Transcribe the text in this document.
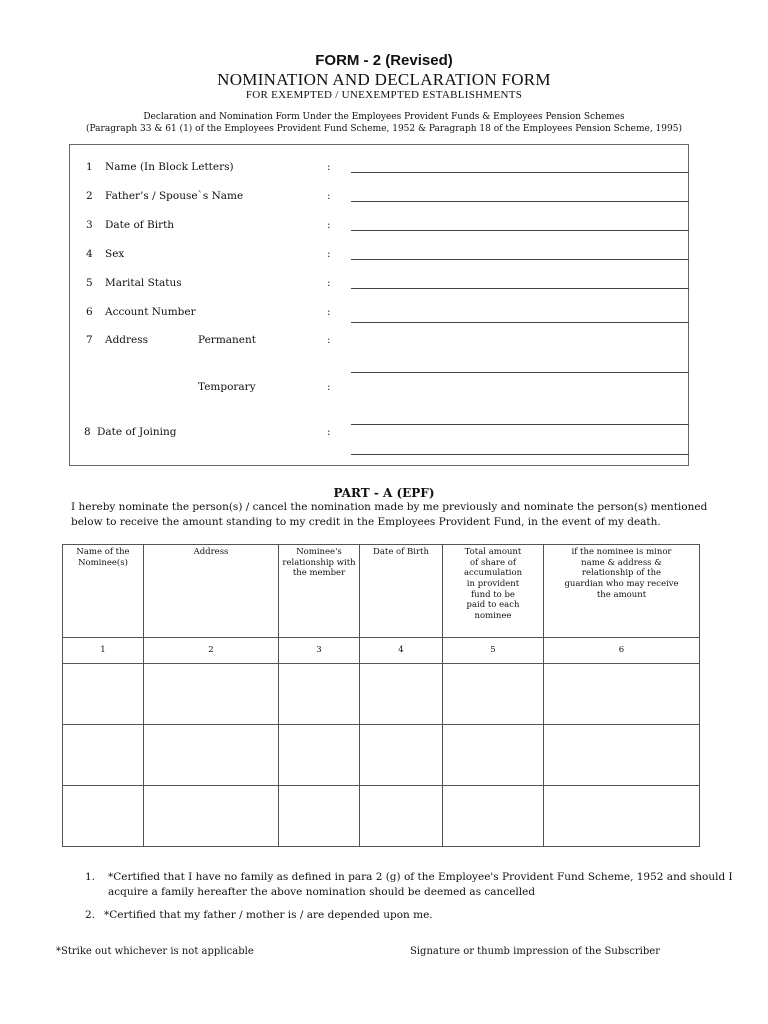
FORM - 2 (Revised)
NOMINATION AND DECLARATION FORM
FOR EXEMPTED / UNEXEMPTED ESTABLISHMENTS
Declaration and Nomination Form Under the Employees Provident Funds & Employees Pension Schemes
(Paragraph 33 & 61 (1) of the Employees Provident Fund Scheme, 1952 & Paragraph 18 of the Employees Pension Scheme, 1995)
1 Name (In Block Letters)	:
2 Father’s / Spouse`s Name	:
3 Date of Birth	:
4 Sex	:
5 Marital Status	:
6 Account Number	:
7 Address	Permanent	:
Temporary	:
8 Date of Joining	:
PART - A (EPF)
I hereby nominate the person(s) / cancel the nomination made by me previously and nominate the person(s) mentioned
below to receive the amount standing to my credit in the Employees Provident Fund, in the event of my death.
Name of the Nominee(s)	Address	Nominee's relationship with the member	Date of Birth	Total amount of share of accumulation in provident fund to be paid to each nominee	if the nominee is minor name & address & relationship of the guardian who may receive the amount
1	2	3	4	5	6

1. *Certified that I have no family as defined in para 2 (g) of the Employee's Provident Fund Scheme, 1952 and should I
acquire a family hereafter the above nomination should be deemed as cancelled
2. *Certified that my father / mother is / are depended upon me.
*Strike out whichever is not applicable	Signature or thumb impression of the Subscriber
